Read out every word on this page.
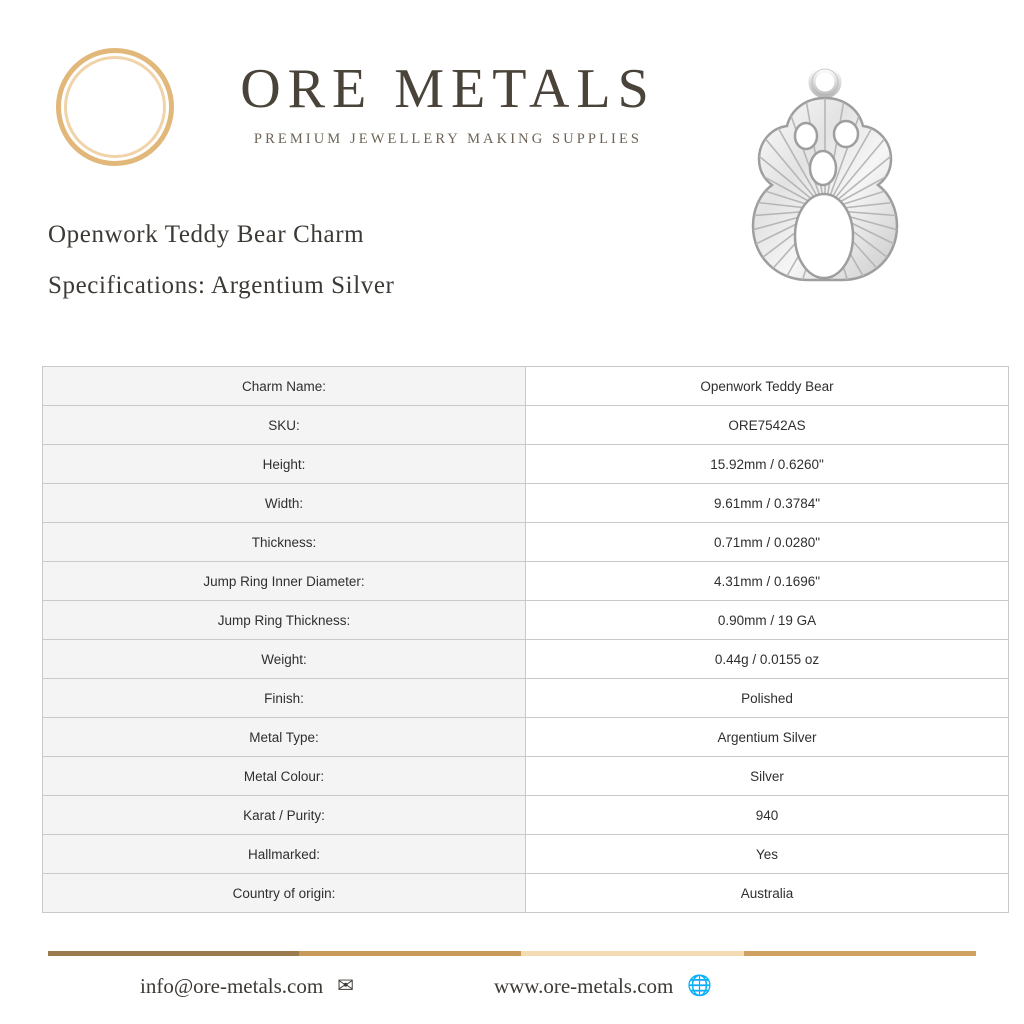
ORE METALS
PREMIUM JEWELLERY MAKING SUPPLIES
Openwork Teddy Bear Charm
Specifications: Argentium Silver
Charm Name:	Openwork Teddy Bear
SKU:	ORE7542AS
Height:	15.92mm / 0.6260"
Width:	9.61mm / 0.3784"
Thickness:	0.71mm / 0.0280"
Jump Ring Inner Diameter:	4.31mm / 0.1696"
Jump Ring Thickness:	0.90mm / 19 GA
Weight:	0.44g / 0.0155 oz
Finish:	Polished
Metal Type:	Argentium Silver
Metal Colour:	Silver
Karat / Purity:	940
Hallmarked:	Yes
Country of origin:	Australia
info@ore-metals.com ✉	www.ore-metals.com 🌐
